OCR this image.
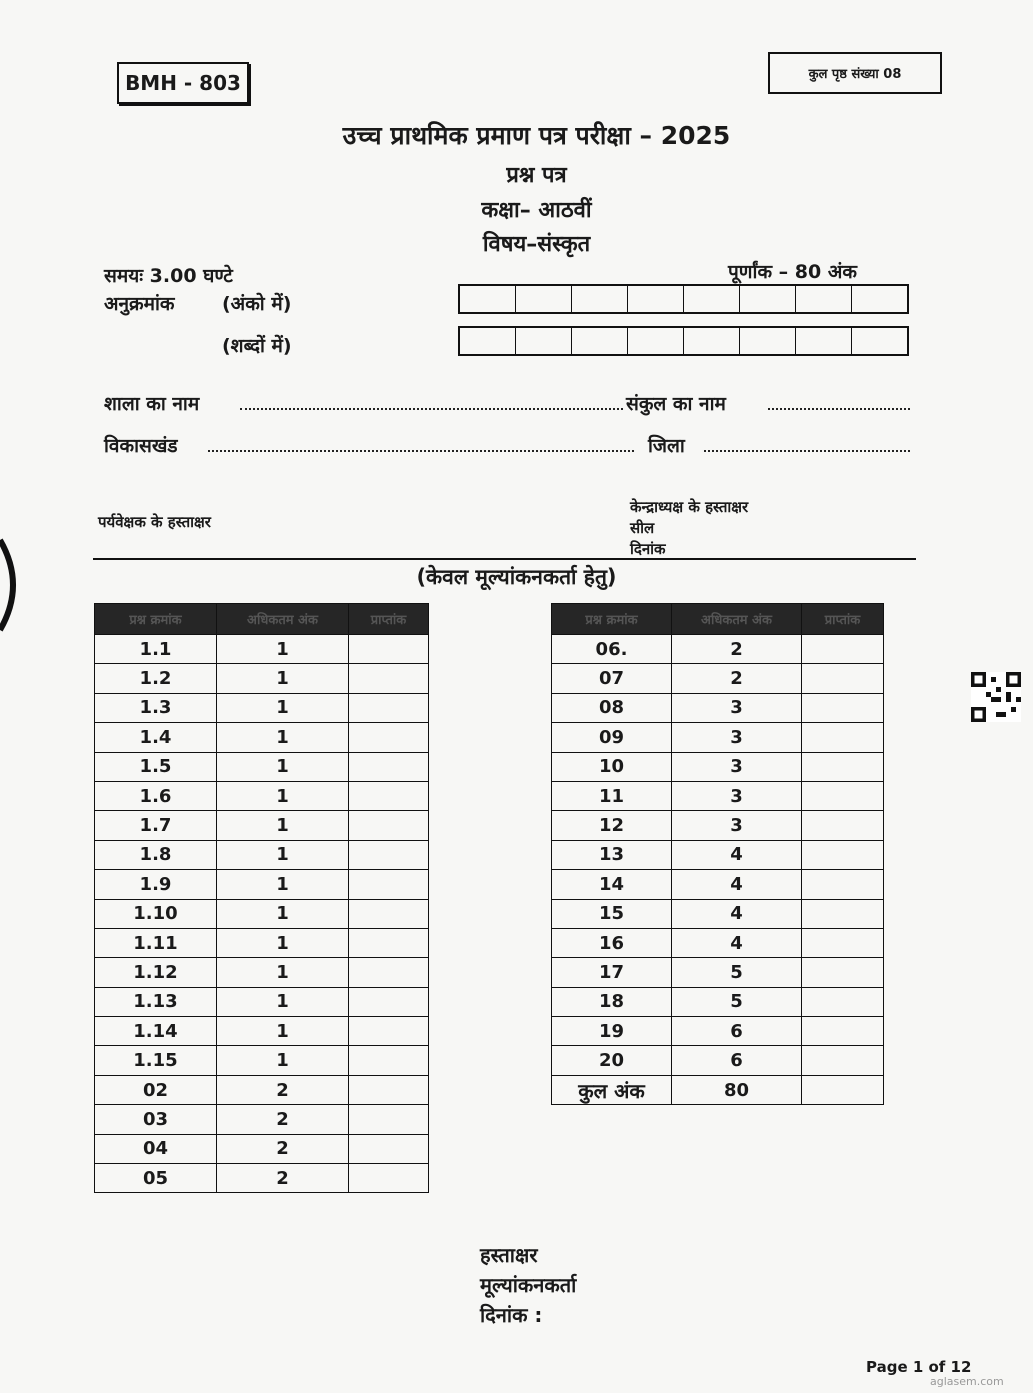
BMH - 803	कुल पृष्ठ संख्या 08
उच्च प्राथमिक प्रमाण पत्र परीक्षा – 2025
प्रश्न पत्र
कक्षा– आठवीं
विषय–संस्कृत
समयः 3.00 घण्टे	पूर्णांक – 80 अंक
अनुक्रमांक (अंको में)
(शब्दों में)
शाला का नाम	संकुल का नाम
विकासखंड	जिला
पर्यवेक्षक के हस्ताक्षर
केन्द्राध्यक्ष के हस्ताक्षर
सील
दिनांक
(केवल मूल्यांकनकर्ता हेतु)
प्रश्न क्रमांक	अधिकतम अंक	प्राप्तांक
1.1	1	
1.2	1	
1.3	1	
1.4	1	
1.5	1	
1.6	1	
1.7	1	
1.8	1	
1.9	1	
1.10	1	
1.11	1	
1.12	1	
1.13	1	
1.14	1	
1.15	1	
02	2	
03	2	
04	2	
05	2	
प्रश्न क्रमांक	अधिकतम अंक	प्राप्तांक
06.	2	
07	2	
08	3	
09	3	
10	3	
11	3	
12	3	
13	4	
14	4	
15	4	
16	4	
17	5	
18	5	
19	6	
20	6	
कुल अंक	80	
हस्ताक्षर
मूल्यांकनकर्ता
दिनांक :
Page 1 of 12
aglasem.com
